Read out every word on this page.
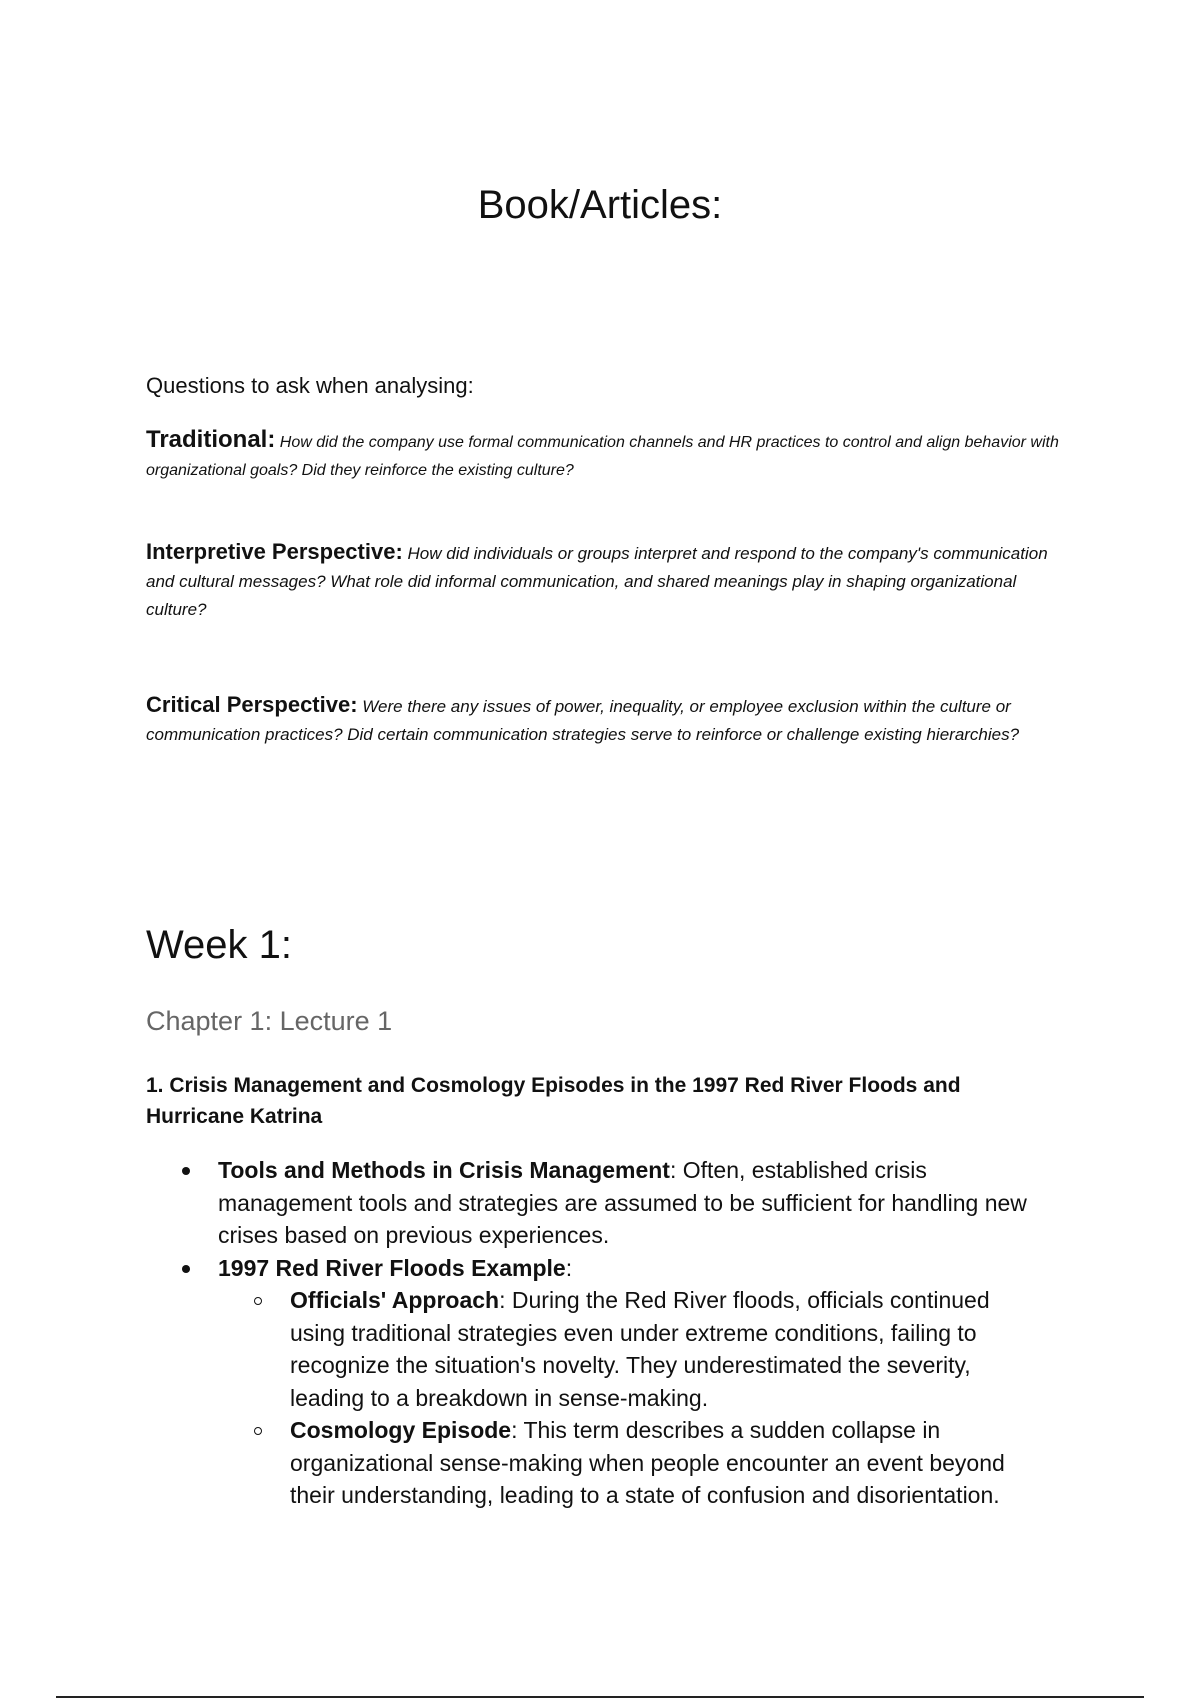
Book/Articles:

Questions to ask when analysing:

Traditional: How did the company use formal communication channels and HR practices to control and align behavior with organizational goals? Did they reinforce the existing culture?

Interpretive Perspective: How did individuals or groups interpret and respond to the company's communication and cultural messages? What role did informal communication, and shared meanings play in shaping organizational culture?

Critical Perspective: Were there any issues of power, inequality, or employee exclusion within the culture or communication practices? Did certain communication strategies serve to reinforce or challenge existing hierarchies?

Week 1:
Chapter 1: Lecture 1

1. Crisis Management and Cosmology Episodes in the 1997 Red River Floods and Hurricane Katrina

Tools and Methods in Crisis Management: Often, established crisis management tools and strategies are assumed to be sufficient for handling new crises based on previous experiences.
1997 Red River Floods Example:
Officials' Approach: During the Red River floods, officials continued using traditional strategies even under extreme conditions, failing to recognize the situation's novelty. They underestimated the severity, leading to a breakdown in sense-making.
Cosmology Episode: This term describes a sudden collapse in organizational sense-making when people encounter an event beyond their understanding, leading to a state of confusion and disorientation.
